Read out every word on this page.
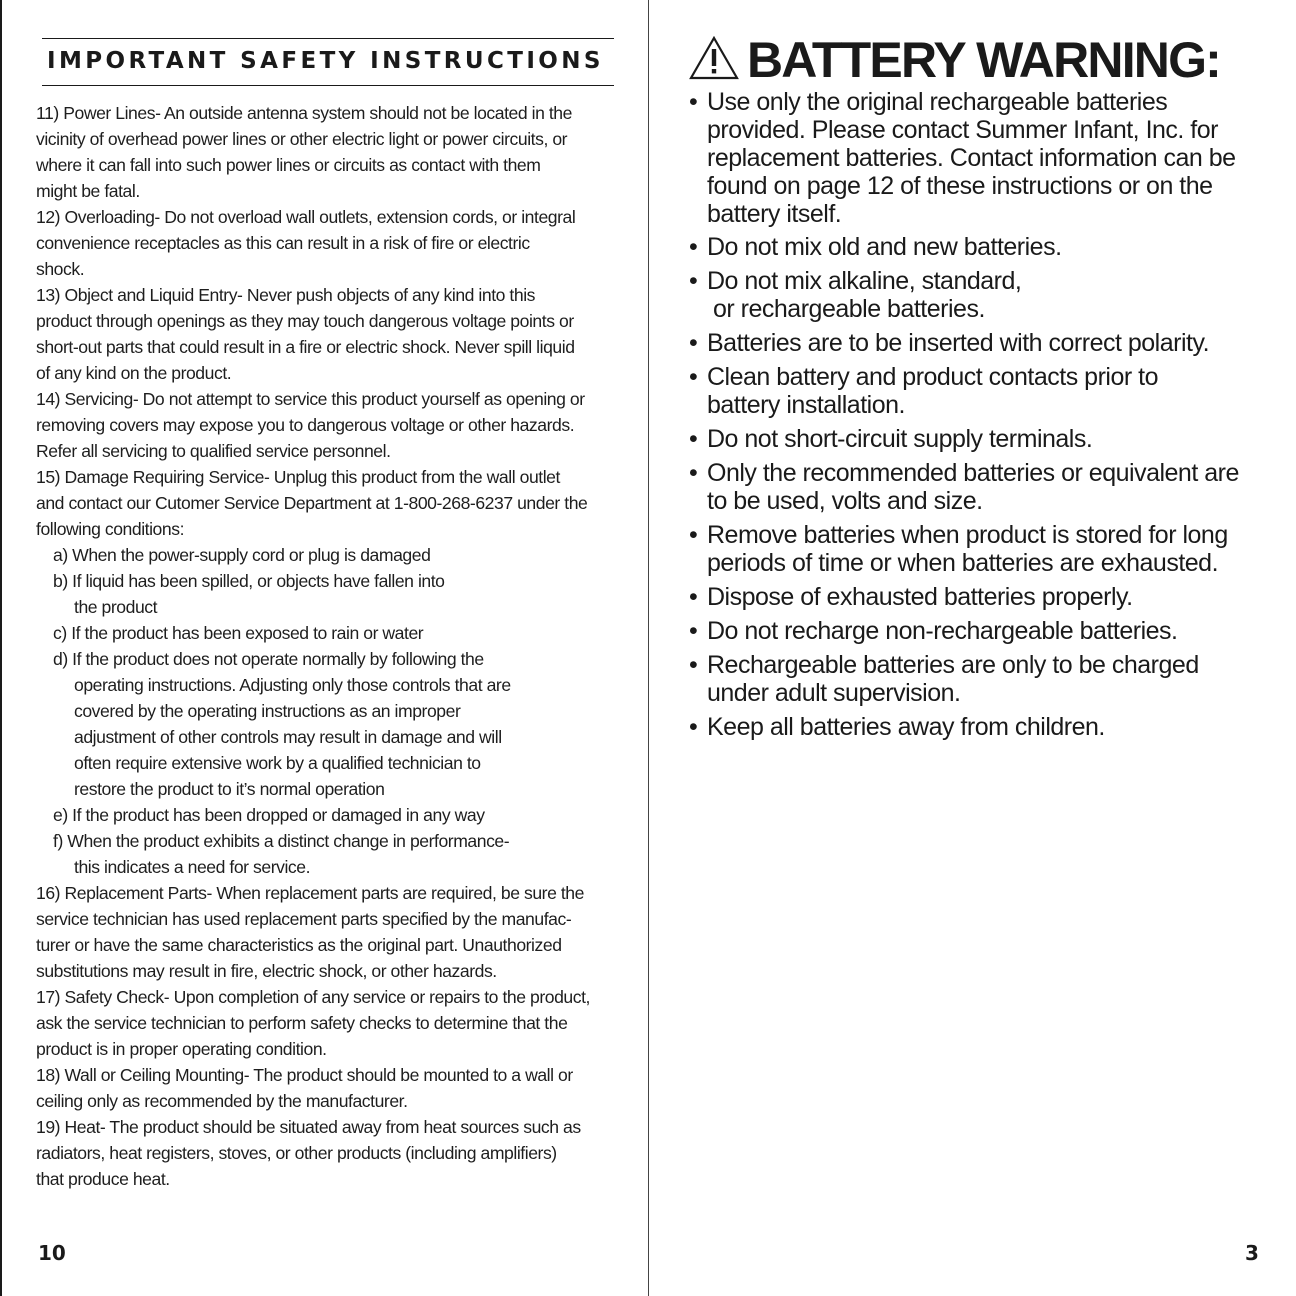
IMPORTANT SAFETY INSTRUCTIONS
11) Power Lines- An outside antenna system should not be located in the
vicinity of overhead power lines or other electric light or power circuits, or
where it can fall into such power lines or circuits as contact with them
might be fatal.
12) Overloading- Do not overload wall outlets, extension cords, or integral
convenience receptacles as this can result in a risk of fire or electric
shock.
13) Object and Liquid Entry- Never push objects of any kind into this
product through openings as they may touch dangerous voltage points or
short-out parts that could result in a fire or electric shock. Never spill liquid
of any kind on the product.
14) Servicing- Do not attempt to service this product yourself as opening or
removing covers may expose you to dangerous voltage or other hazards.
Refer all servicing to qualified service personnel.
15) Damage Requiring Service- Unplug this product from the wall outlet
and contact our Cutomer Service Department at 1-800-268-6237 under the
following conditions:
a) When the power-supply cord or plug is damaged
b) If liquid has been spilled, or objects have fallen into
the product
c) If the product has been exposed to rain or water
d) If the product does not operate normally by following the
operating instructions. Adjusting only those controls that are
covered by the operating instructions as an improper
adjustment of other controls may result in damage and will
often require extensive work by a qualified technician to
restore the product to it’s normal operation
e) If the product has been dropped or damaged in any way
f) When the product exhibits a distinct change in performance-
this indicates a need for service.
16) Replacement Parts- When replacement parts are required, be sure the
service technician has used replacement parts specified by the manufac-
turer or have the same characteristics as the original part. Unauthorized
substitutions may result in fire, electric shock, or other hazards.
17) Safety Check- Upon completion of any service or repairs to the product,
ask the service technician to perform safety checks to determine that the
product is in proper operating condition.
18) Wall or Ceiling Mounting- The product should be mounted to a wall or
ceiling only as recommended by the manufacturer.
19) Heat- The product should be situated away from heat sources such as
radiators, heat registers, stoves, or other products (including amplifiers)
that produce heat.
10
BATTERY WARNING:
• Use only the original rechargeable batteries
provided. Please contact Summer Infant, Inc. for
replacement batteries. Contact information can be
found on page 12 of these instructions or on the
battery itself.
• Do not mix old and new batteries.
• Do not mix alkaline, standard,
or rechargeable batteries.
• Batteries are to be inserted with correct polarity.
• Clean battery and product contacts prior to
battery installation.
• Do not short-circuit supply terminals.
• Only the recommended batteries or equivalent are
to be used, volts and size.
• Remove batteries when product is stored for long
periods of time or when batteries are exhausted.
• Dispose of exhausted batteries properly.
• Do not recharge non-rechargeable batteries.
• Rechargeable batteries are only to be charged
under adult supervision.
• Keep all batteries away from children.
3
